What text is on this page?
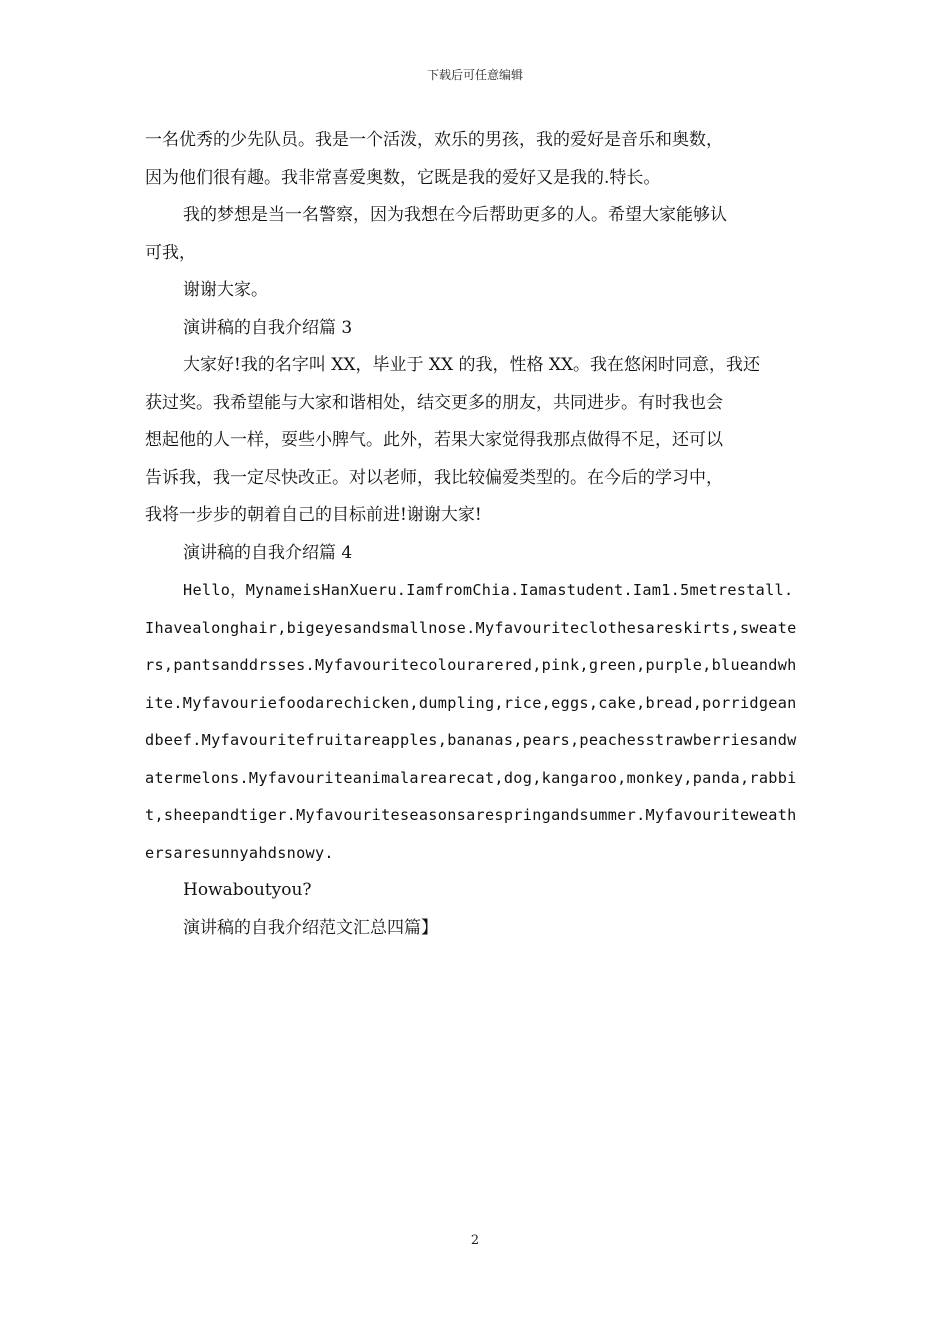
下载后可任意编辑
一名优秀的少先队员。我是一个活泼，欢乐的男孩，我的爱好是音乐和奥数，
因为他们很有趣。我非常喜爱奥数，它既是我的爱好又是我的.特长。
我的梦想是当一名警察，因为我想在今后帮助更多的人。希望大家能够认
可我，
谢谢大家。
演讲稿的自我介绍篇 3
大家好!我的名字叫 XX，毕业于 XX 的我，性格 XX。我在悠闲时同意，我还
获过奖。我希望能与大家和谐相处，结交更多的朋友，共同进步。有时我也会
想起他的人一样，耍些小脾气。此外，若果大家觉得我那点做得不足，还可以
告诉我，我一定尽快改正。对以老师，我比较偏爱类型的。在今后的学习中，
我将一步步的朝着自己的目标前进!谢谢大家!
演讲稿的自我介绍篇 4
Hello，MynameisHanXueru.IamfromChia.Iamastudent.Iam1.5metrestall.
Ihavealonghair,bigeyesandsmallnose.Myfavouriteclothesareskirts,sweate
rs,pantsanddrsses.Myfavouritecolourarered,pink,green,purple,blueandwh
ite.Myfavouriefoodarechicken,dumpling,rice,eggs,cake,bread,porridgean
dbeef.Myfavouritefruitareapples,bananas,pears,peachesstrawberriesandw
atermelons.Myfavouriteanimalarearecat,dog,kangaroo,monkey,panda,rabbi
t,sheepandtiger.Myfavouriteseasonsarespringandsummer.Myfavouriteweath
ersaresunnyahdsnowy.
Howaboutyou?
演讲稿的自我介绍范文汇总四篇】
2
